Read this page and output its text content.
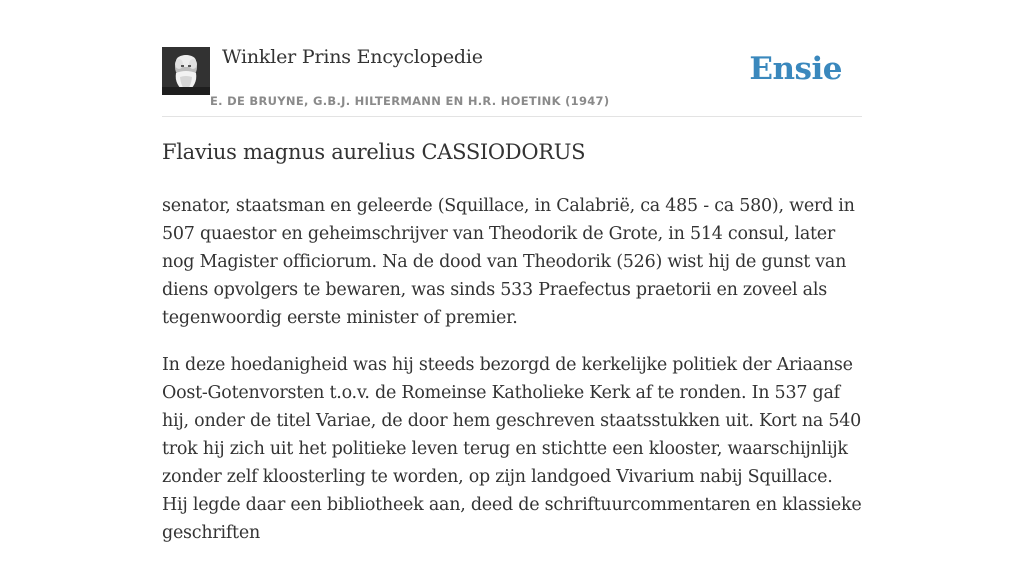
Winkler Prins Encyclopedie
E. DE BRUYNE, G.B.J. HILTERMANN EN H.R. HOETINK (1947)
Ensie
Flavius magnus aurelius CASSIODORUS

senator, staatsman en geleerde (Squillace, in Calabrië, ca 485 - ca 580), werd in 507 quaestor en geheimschrijver van Theodorik de Grote, in 514 consul, later nog Magister officiorum. Na de dood van Theodorik (526) wist hij de gunst van diens opvolgers te bewaren, was sinds 533 Praefectus praetorii en zoveel als tegenwoordig eerste minister of premier.

In deze hoedanigheid was hij steeds bezorgd de kerkelijke politiek der Ariaanse Oost-Gotenvorsten t.o.v. de Romeinse Katholieke Kerk af te ronden. In 537 gaf hij, onder de titel Variae, de door hem geschreven staatsstukken uit. Kort na 540 trok hij zich uit het politieke leven terug en stichtte een klooster, waarschijnlijk zonder zelf kloosterling te worden, op zijn landgoed Vivarium nabij Squillace. Hij legde daar een bibliotheek aan, deed de schriftuurcommentaren en klassieke geschriften
